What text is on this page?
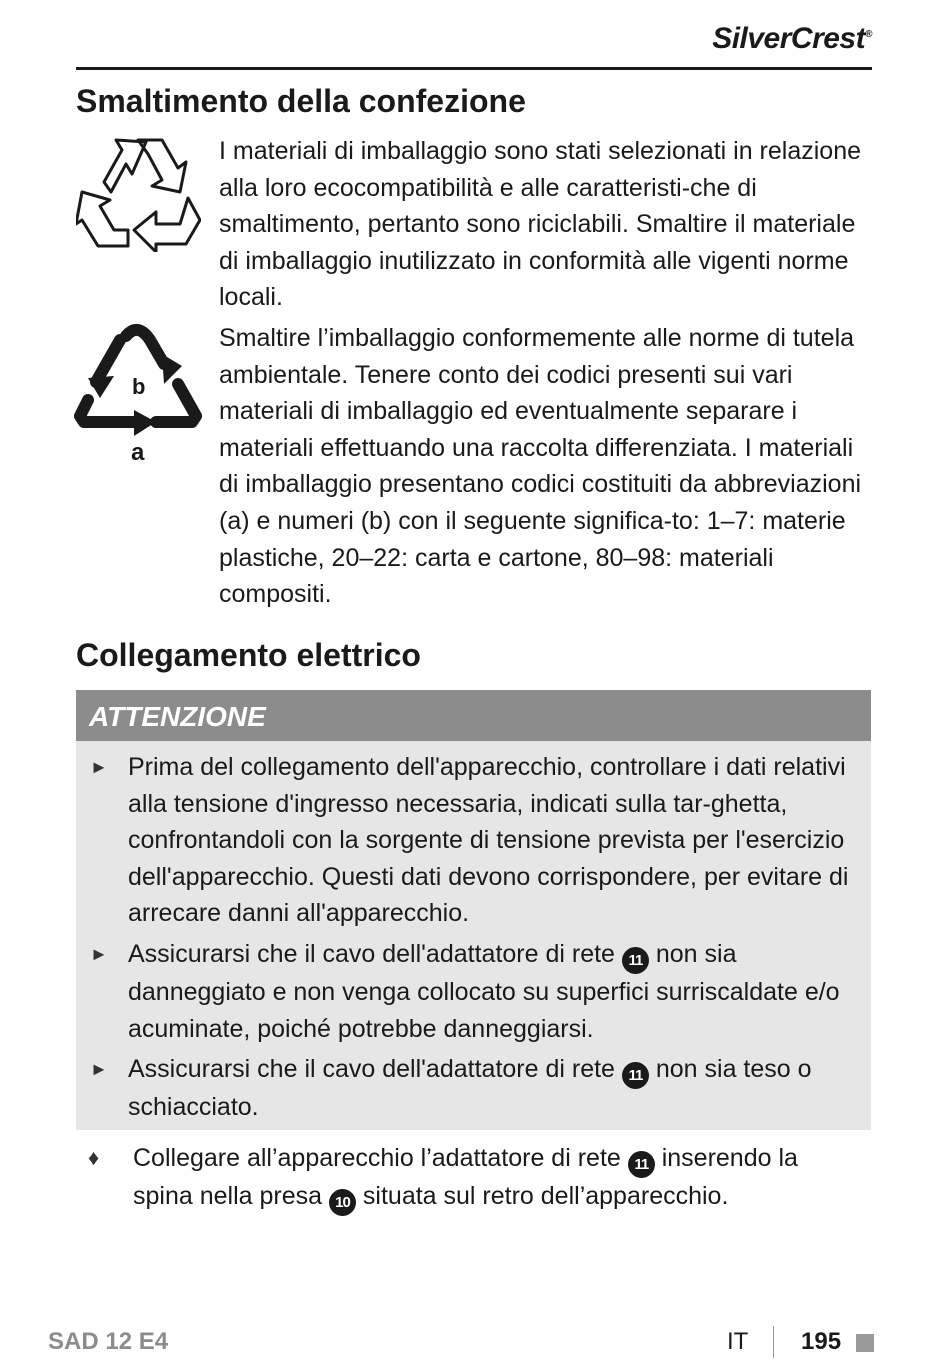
SilverCrest®
Smaltimento della confezione
b
a

I materiali di imballaggio sono stati selezionati in relazione alla loro ecocompatibilità e alle caratteristi-che di smaltimento, pertanto sono riciclabili. Smaltire il materiale di imballaggio inutilizzato in conformità alle vigenti norme locali.

Smaltire l’imballaggio conformemente alle norme di tutela ambientale. Tenere conto dei codici presenti sui vari materiali di imballaggio ed eventualmente separare i materiali effettuando una raccolta differenziata. I materiali di imballaggio presentano codici costituiti da abbreviazioni (a) e numeri (b) con il seguente significa-to: 1–7: materie plastiche, 20–22: carta e cartone, 80–98: materiali compositi.

Collegamento elettrico
ATTENZIONE
► Prima del collegamento dell'apparecchio, controllare i dati relativi alla tensione d'ingresso necessaria, indicati sulla tar-ghetta, confrontandoli con la sorgente di tensione prevista per l'esercizio dell'apparecchio. Questi dati devono corrispondere, per evitare di arrecare danni all'apparecchio.
► Assicurarsi che il cavo dell'adattatore di rete 11 non sia danneggiato e non venga collocato su superfici surriscaldate e/o acuminate, poiché potrebbe danneggiarsi.
► Assicurarsi che il cavo dell'adattatore di rete 11 non sia teso o schiacciato.
♦ Collegare all’apparecchio l’adattatore di rete 11 inserendo la spina nella presa 10 situata sul retro dell’apparecchio.
SAD 12 E4	IT 195
